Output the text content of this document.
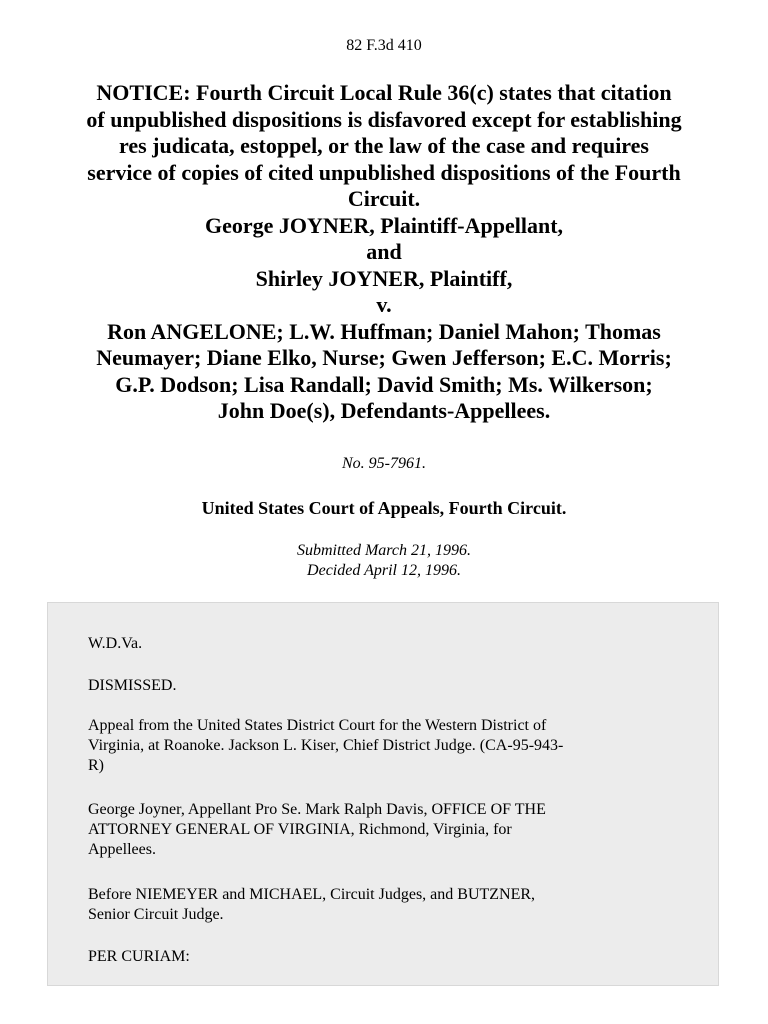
82 F.3d 410
NOTICE: Fourth Circuit Local Rule 36(c) states that citation
of unpublished dispositions is disfavored except for establishing
res judicata, estoppel, or the law of the case and requires
service of copies of cited unpublished dispositions of the Fourth
Circuit.
George JOYNER, Plaintiff-Appellant,
and
Shirley JOYNER, Plaintiff,
v.
Ron ANGELONE; L.W. Huffman; Daniel Mahon; Thomas
Neumayer; Diane Elko, Nurse; Gwen Jefferson; E.C. Morris;
G.P. Dodson; Lisa Randall; David Smith; Ms. Wilkerson;
John Doe(s), Defendants-Appellees.
No. 95-7961.
United States Court of Appeals, Fourth Circuit.
Submitted March 21, 1996.
Decided April 12, 1996.
W.D.Va.
DISMISSED.
Appeal from the United States District Court for the Western District of
Virginia, at Roanoke. Jackson L. Kiser, Chief District Judge. (CA-95-943-
R)
George Joyner, Appellant Pro Se. Mark Ralph Davis, OFFICE OF THE
ATTORNEY GENERAL OF VIRGINIA, Richmond, Virginia, for
Appellees.
Before NIEMEYER and MICHAEL, Circuit Judges, and BUTZNER,
Senior Circuit Judge.
PER CURIAM:
